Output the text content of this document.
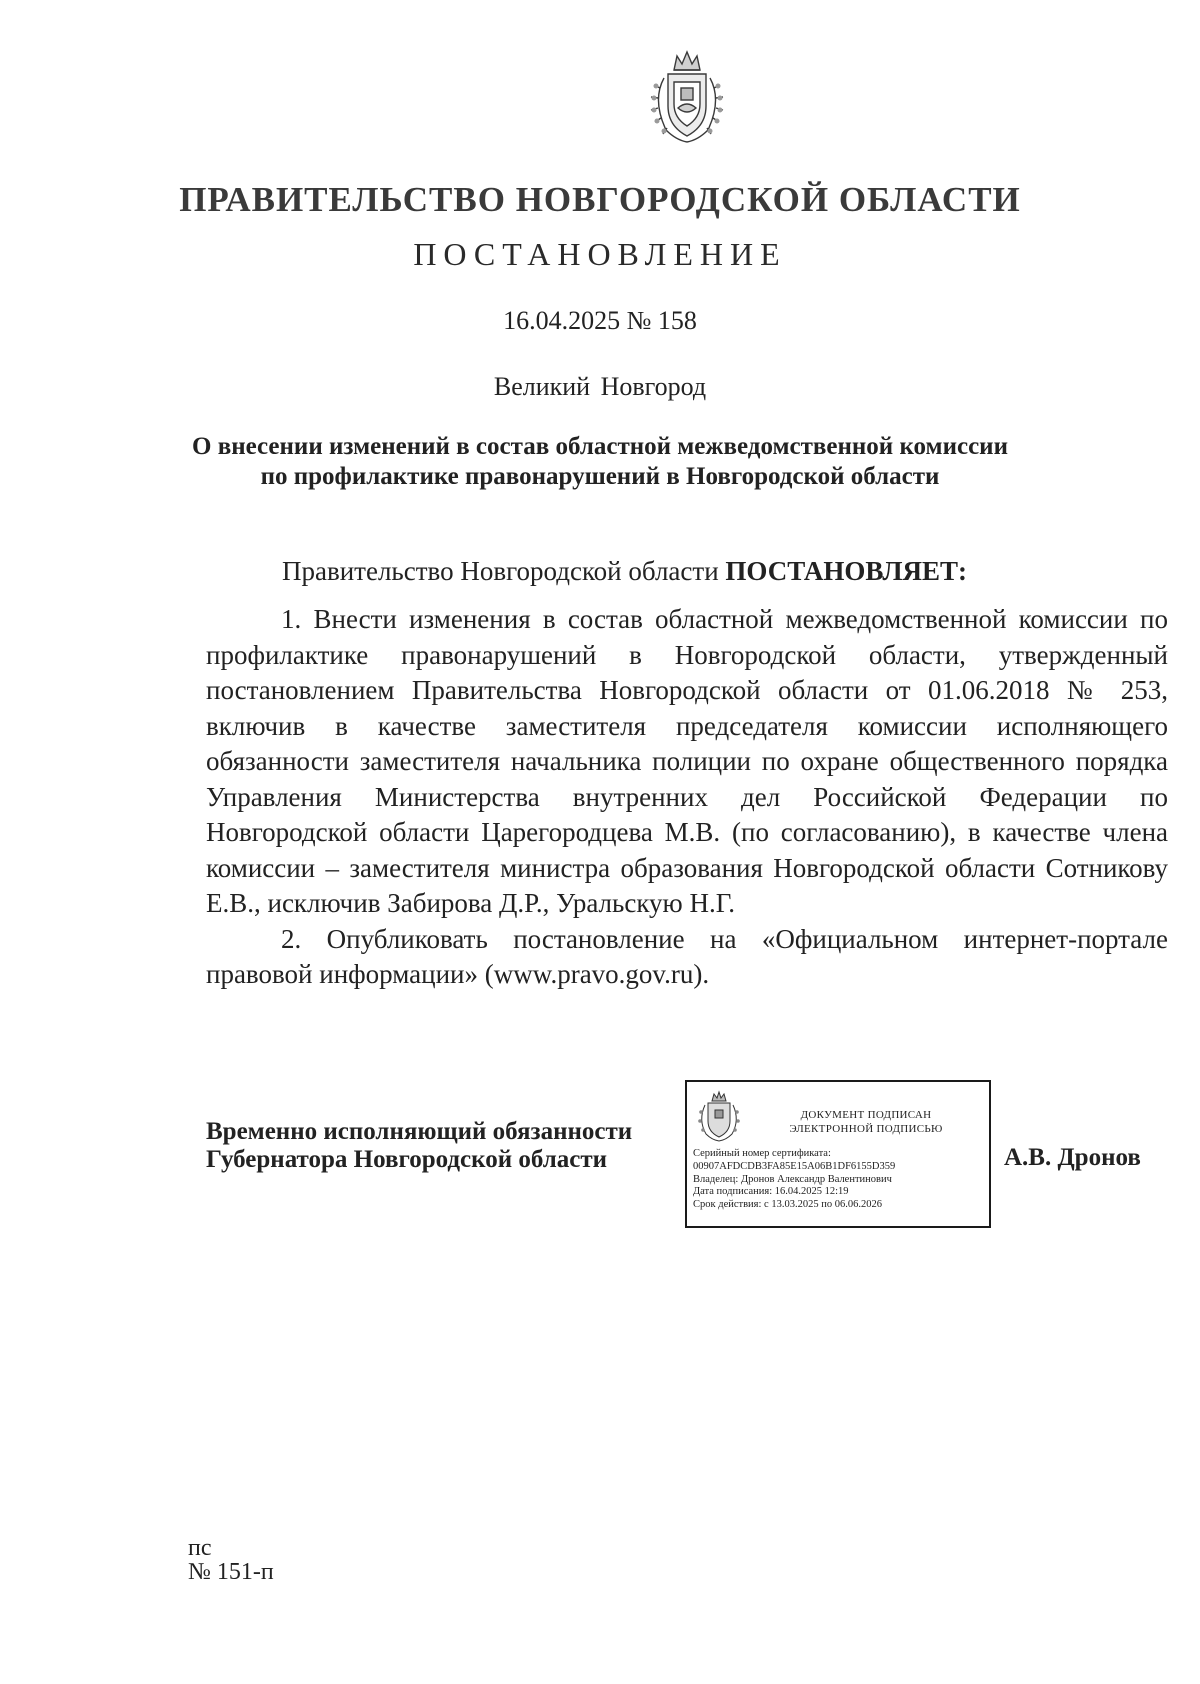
ПРАВИТЕЛЬСТВО НОВГОРОДСКОЙ ОБЛАСТИ
ПОСТАНОВЛЕНИЕ
16.04.2025 № 158
Великий Новгород
О внесении изменений в состав областной межведомственной комиссии
по профилактике правонарушений в Новгородской области
Правительство Новгородской области ПОСТАНОВЛЯЕТ:

1. Внести изменения в состав областной межведомственной комиссии по профилактике правонарушений в Новгородской области, утвержденный постановлением Правительства Новгородской области от 01.06.2018 № 253, включив в качестве заместителя председателя комиссии исполняющего обязанности заместителя начальника полиции по охране общественного порядка Управления Министерства внутренних дел Российской Федерации по Новгородской области Царегородцева М.В. (по согласованию), в качестве члена комиссии – заместителя министра образования Новгородской области Сотникову Е.В., исключив Забирова Д.Р., Уральскую Н.Г.

2. Опубликовать постановление на «Официальном интернет-портале правовой информации» (www.pravo.gov.ru).

Временно исполняющий обязанности
Губернатора Новгородской области
ДОКУМЕНТ ПОДПИСАН
ЭЛЕКТРОННОЙ ПОДПИСЬЮ
Серийный номер сертификата:
00907AFDCDB3FA85E15A06B1DF6155D359
Владелец: Дронов Александр Валентинович
Дата подписания: 16.04.2025 12:19
Срок действия: с 13.03.2025 по 06.06.2026
А.В. Дронов
пс
№ 151-п
